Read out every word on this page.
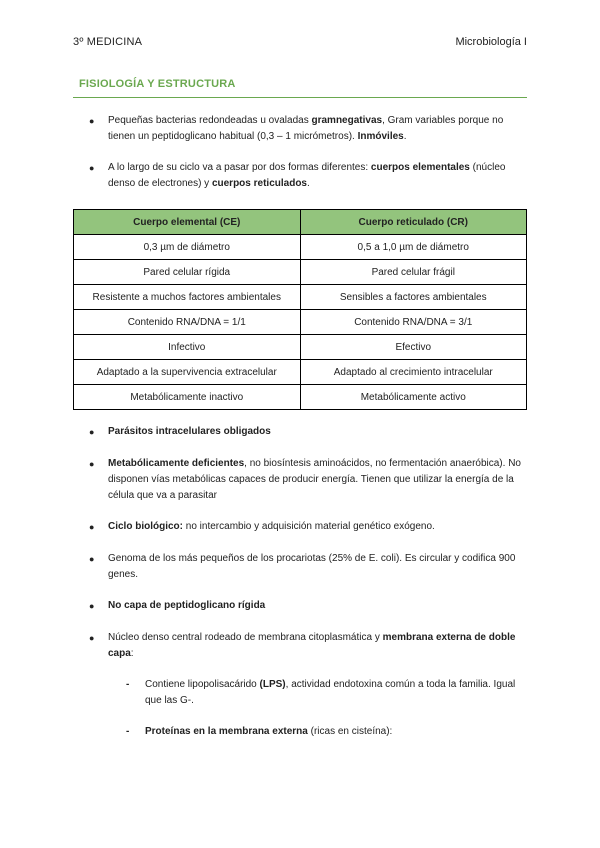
3º MEDICINA	Microbiología I
FISIOLOGÍA Y ESTRUCTURA
● Pequeñas bacterias redondeadas u ovaladas gramnegativas, Gram variables porque no tienen un peptidoglicano habitual (0,3 – 1 micrómetros). Inmóviles.
● A lo largo de su ciclo va a pasar por dos formas diferentes: cuerpos elementales (núcleo denso de electrones) y cuerpos reticulados.
Cuerpo elemental (CE)	Cuerpo reticulado (CR)
0,3 µm de diámetro	0,5 a 1,0 µm de diámetro
Pared celular rígida	Pared celular frágil
Resistente a muchos factores ambientales	Sensibles a factores ambientales
Contenido RNA/DNA = 1/1	Contenido RNA/DNA = 3/1
Infectivo	Efectivo
Adaptado a la supervivencia extracelular	Adaptado al crecimiento intracelular
Metabólicamente inactivo	Metabólicamente activo
● Parásitos intracelulares obligados
● Metabólicamente deficientes, no biosíntesis aminoácidos, no fermentación anaeróbica). No disponen vías metabólicas capaces de producir energía. Tienen que utilizar la energía de la célula que va a parasitar
● Ciclo biológico: no intercambio y adquisición material genético exógeno.
● Genoma de los más pequeños de los procariotas (25% de E. coli). Es circular y codifica 900 genes.
● No capa de peptidoglicano rígida
● Núcleo denso central rodeado de membrana citoplasmática y membrana externa de doble capa:
- Contiene lipopolisacárido (LPS), actividad endotoxina común a toda la familia. Igual que las G-.
- Proteínas en la membrana externa (ricas en cisteína):
